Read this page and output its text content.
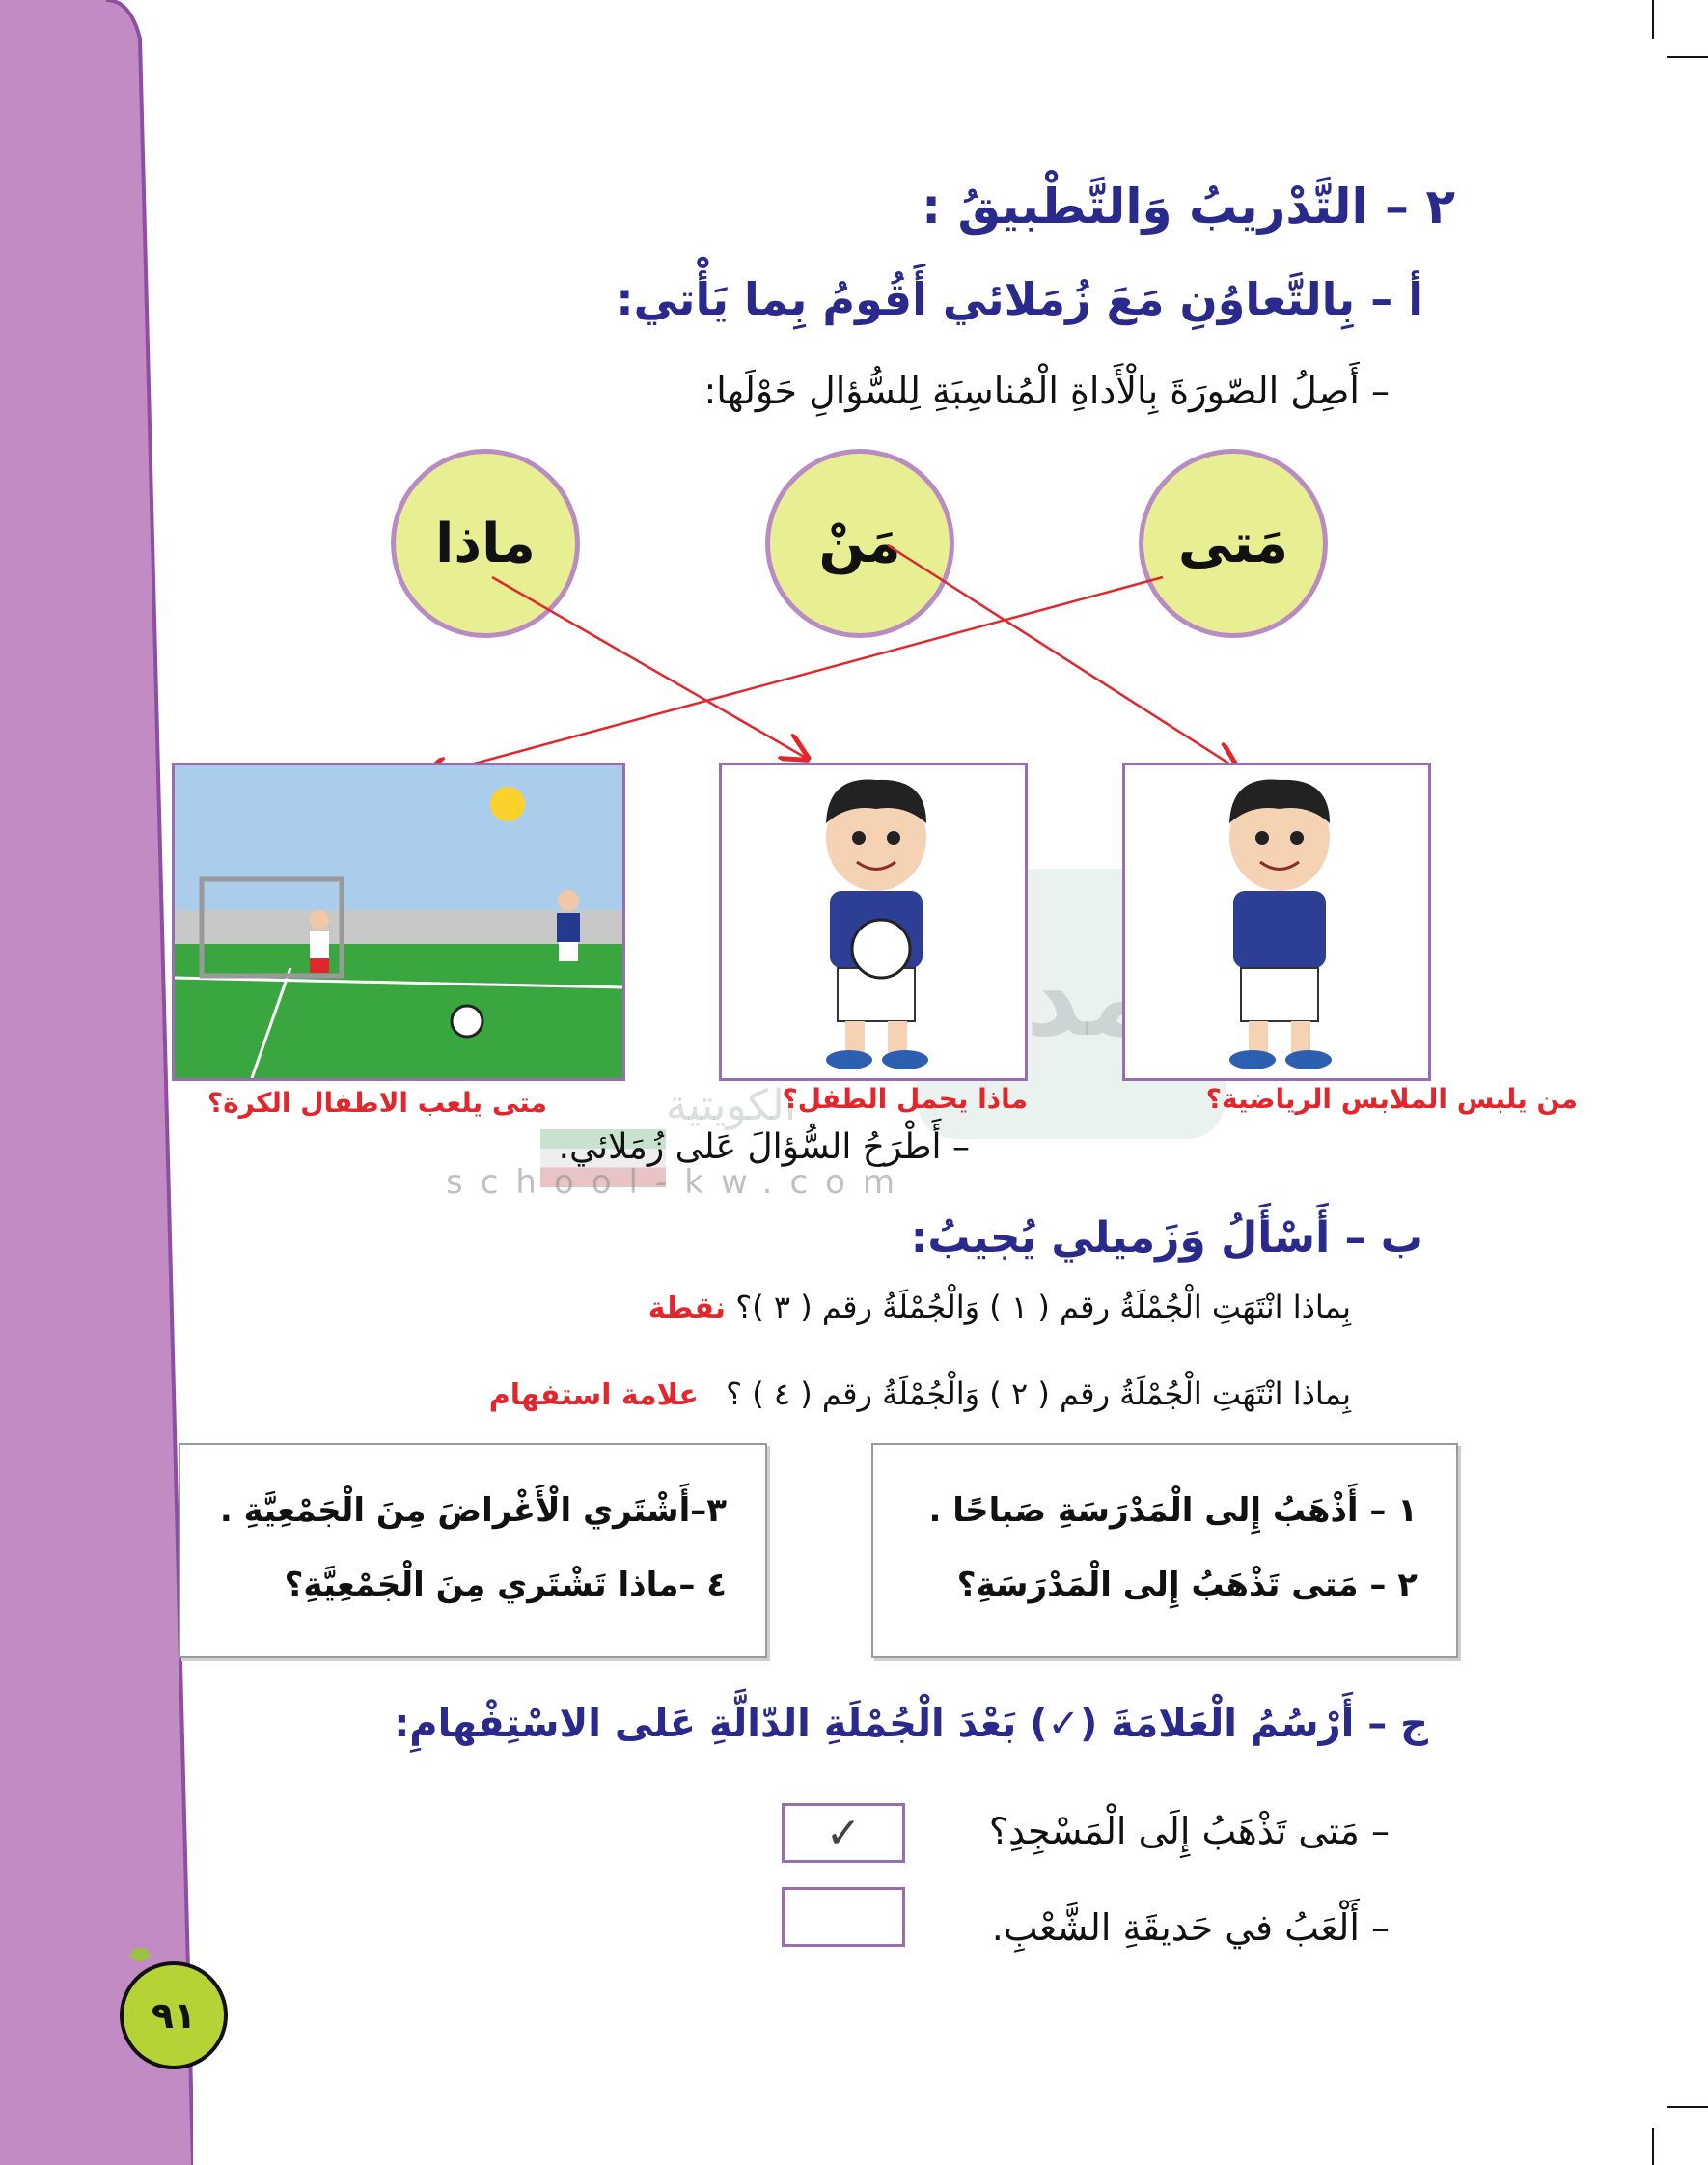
الكويتية
school-kw.com
٢ – التَّدْريبُ وَالتَّطْبيقُ :
أ – بِالتَّعاوُنِ مَعَ زُمَلائي أَقُومُ بِما يَأْتي:
– أَصِلُ الصّورَةَ بِالْأَداةِ الْمُناسِبَةِ لِلسُّؤالِ حَوْلَها:
مَتى
مَنْ
ماذا
من يلبس الملابس الرياضية؟
ماذا يحمل الطفل؟
متى يلعب الاطفال الكرة؟
– أَطْرَحُ السُّؤالَ عَلى زُمَلائي.
ب – أَسْأَلُ وَزَميلي يُجيبُ:
بِماذا انْتَهَتِ الْجُمْلَةُ رقم ( ١ ) وَالْجُمْلَةُ رقم ( ٣ )؟ نقطة
بِماذا انْتَهَتِ الْجُمْلَةُ رقم ( ٢ ) وَالْجُمْلَةُ رقم ( ٤ ) ؟ علامة استفهام
١ – أَذْهَبُ إِلى الْمَدْرَسَةِ صَباحًا .
٢ – مَتى تَذْهَبُ إِلى الْمَدْرَسَةِ؟
٣–أَشْتَري الْأَغْراضَ مِنَ الْجَمْعِيَّةِ .
٤ –ماذا تَشْتَري مِنَ الْجَمْعِيَّةِ؟
ج – أَرْسُمُ الْعَلامَةَ (✓) بَعْدَ الْجُمْلَةِ الدّالَّةِ عَلى الاسْتِفْهامِ:
– مَتى تَذْهَبُ إِلَى الْمَسْجِدِ؟
✓
– أَلْعَبُ في حَديقَةِ الشَّعْبِ.
٩١
